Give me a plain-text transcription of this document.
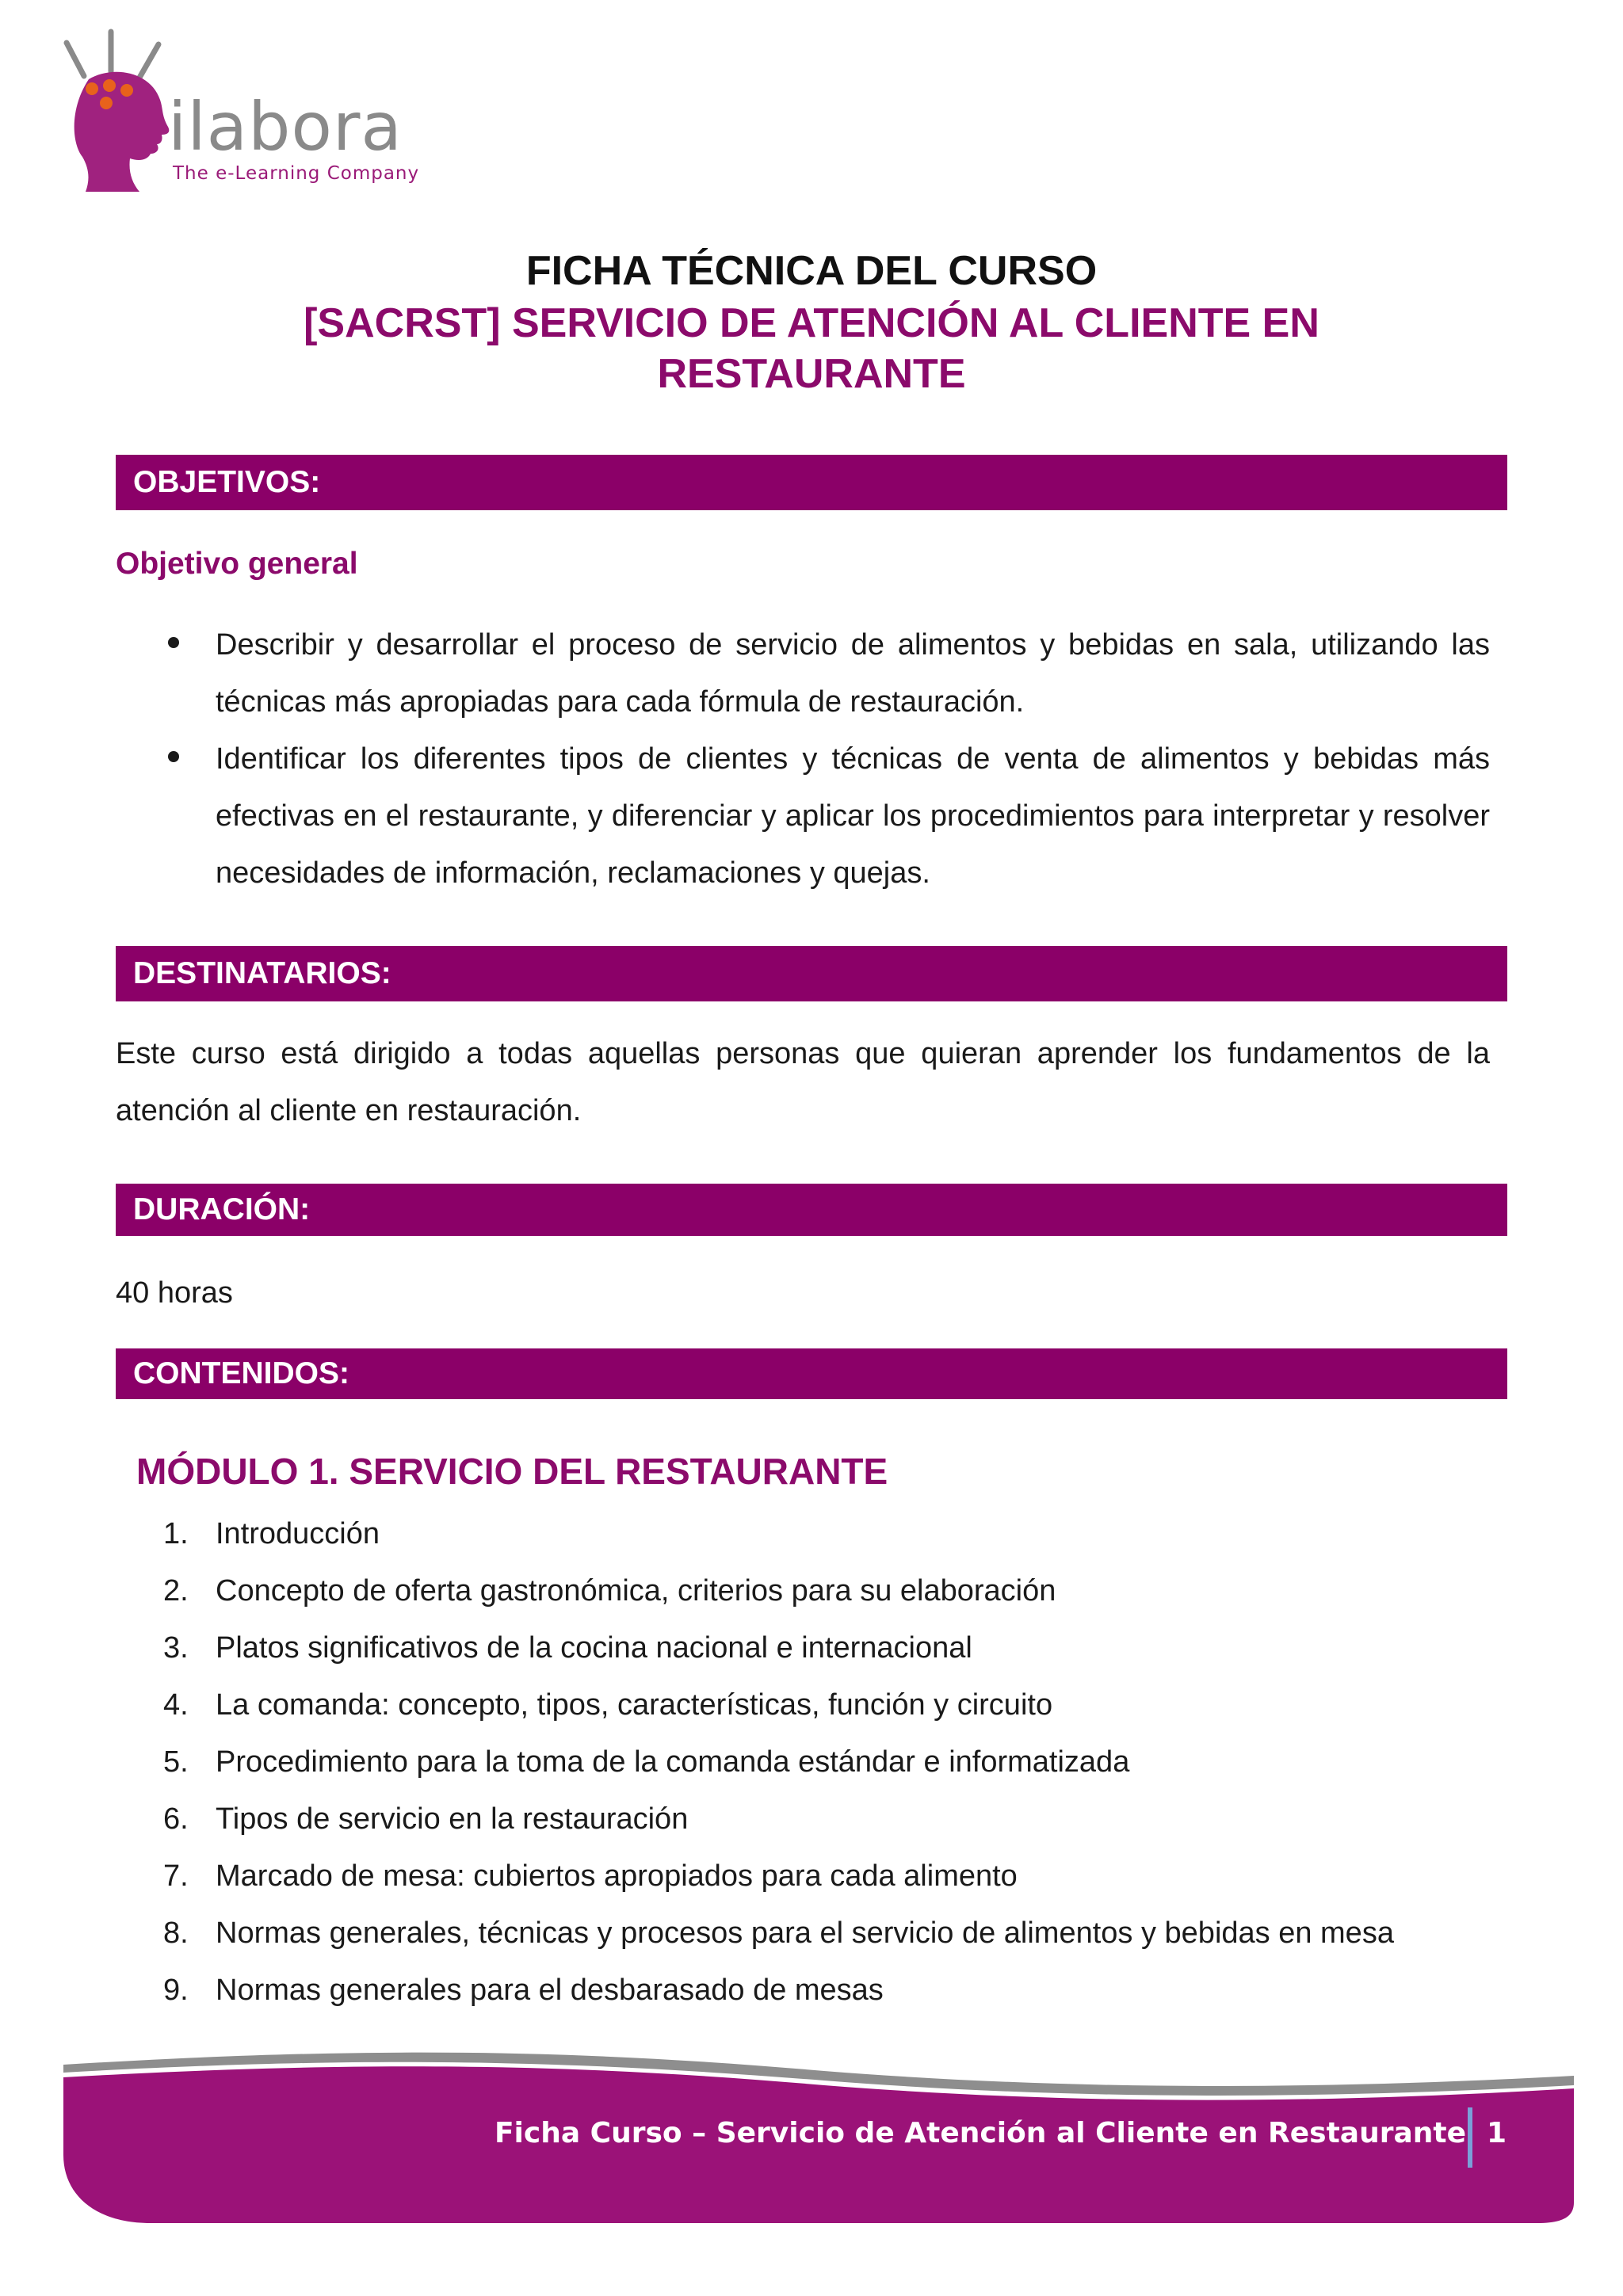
ilabora
The e-Learning Company
FICHA TÉCNICA DEL CURSO
[SACRST] SERVICIO DE ATENCIÓN AL CLIENTE EN RESTAURANTE
OBJETIVOS:
Objetivo general
Describir y desarrollar el proceso de servicio de alimentos y bebidas en sala, utilizando las técnicas más apropiadas para cada fórmula de restauración.
Identificar los diferentes tipos de clientes y técnicas de venta de alimentos y bebidas más efectivas en el restaurante, y diferenciar y aplicar los procedimientos para interpretar y resolver necesidades de información, reclamaciones y quejas.
DESTINATARIOS:
Este curso está dirigido a todas aquellas personas que quieran aprender los fundamentos de la atención al cliente en restauración.
DURACIÓN:
40 horas
CONTENIDOS:
MÓDULO 1. SERVICIO DEL RESTAURANTE
1. Introducción
2. Concepto de oferta gastronómica, criterios para su elaboración
3. Platos significativos de la cocina nacional e internacional
4. La comanda: concepto, tipos, características, función y circuito
5. Procedimiento para la toma de la comanda estándar e informatizada
6. Tipos de servicio en la restauración
7. Marcado de mesa: cubiertos apropiados para cada alimento
8. Normas generales, técnicas y procesos para el servicio de alimentos y bebidas en mesa
9. Normas generales para el desbarasado de mesas
Ficha Curso – Servicio de Atención al Cliente en Restaurante 1
